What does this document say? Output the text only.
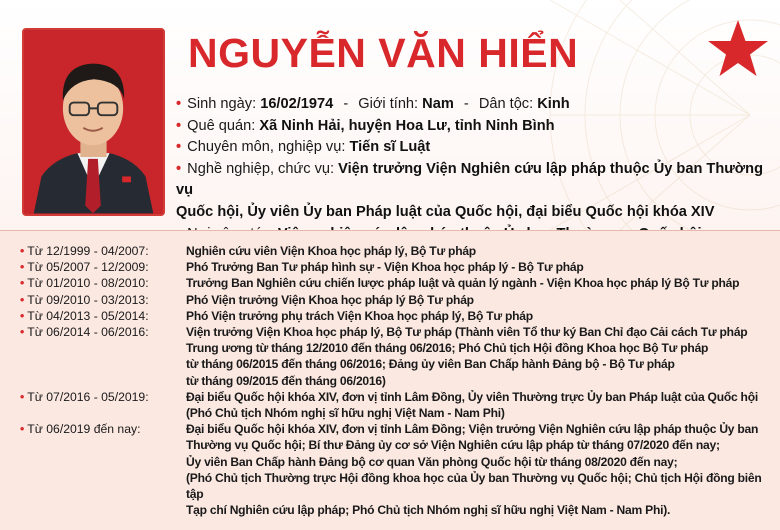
NGUYỄN VĂN HIỂN
• Sinh ngày: 16/02/1974 - Giới tính: Nam - Dân tộc: Kinh
• Quê quán: Xã Ninh Hải, huyện Hoa Lư, tỉnh Ninh Bình
• Chuyên môn, nghiệp vụ: Tiến sĩ Luật
• Nghề nghiệp, chức vụ: Viện trưởng Viện Nghiên cứu lập pháp thuộc Ủy ban Thường vụ
Quốc hội, Ủy viên Ủy ban Pháp luật của Quốc hội, đại biểu Quốc hội khóa XIV
• Từ 12/1999 - 04/2007:	Nghiên cứu viên Viện Khoa học pháp lý, Bộ Tư pháp
• Từ 05/2007 - 12/2009:	Phó Trưởng Ban Tư pháp hình sự - Viện Khoa học pháp lý - Bộ Tư pháp
• Từ 01/2010 - 08/2010:	Trưởng Ban Nghiên cứu chiến lược pháp luật và quản lý ngành - Viện Khoa học pháp lý Bộ Tư pháp
• Từ 09/2010 - 03/2013:	Phó Viện trưởng Viện Khoa học pháp lý Bộ Tư pháp
• Từ 04/2013 - 05/2014:	Phó Viện trưởng phụ trách Viện Khoa học pháp lý, Bộ Tư pháp
• Từ 06/2014 - 06/2016:	Viện trưởng Viện Khoa học pháp lý, Bộ Tư pháp (Thành viên Tổ thư ký Ban Chỉ đạo Cải cách Tư pháp
Trung ương từ tháng 12/2010 đến tháng 06/2016; Phó Chủ tịch Hội đồng Khoa học Bộ Tư pháp
từ tháng 06/2015 đến tháng 06/2016; Đảng ủy viên Ban Chấp hành Đảng bộ - Bộ Tư pháp
từ tháng 09/2015 đến tháng 06/2016)
• Từ 07/2016 - 05/2019:	Đại biểu Quốc hội khóa XIV, đơn vị tỉnh Lâm Đồng, Ủy viên Thường trực Ủy ban Pháp luật của Quốc hội
(Phó Chủ tịch Nhóm nghị sĩ hữu nghị Việt Nam - Nam Phi)
• Từ 06/2019 đến nay:	Đại biểu Quốc hội khóa XIV, đơn vị tỉnh Lâm Đồng; Viện trưởng Viện Nghiên cứu lập pháp thuộc Ủy ban
Thường vụ Quốc hội; Bí thư Đảng ủy cơ sở Viện Nghiên cứu lập pháp từ tháng 07/2020 đến nay;
Ủy viên Ban Chấp hành Đảng bộ cơ quan Văn phòng Quốc hội từ tháng 08/2020 đến nay;
(Phó Chủ tịch Thường trực Hội đồng khoa học của Ủy ban Thường vụ Quốc hội; Chủ tịch Hội đồng biên tập
Tạp chí Nghiên cứu lập pháp; Phó Chủ tịch Nhóm nghị sĩ hữu nghị Việt Nam - Nam Phi).
